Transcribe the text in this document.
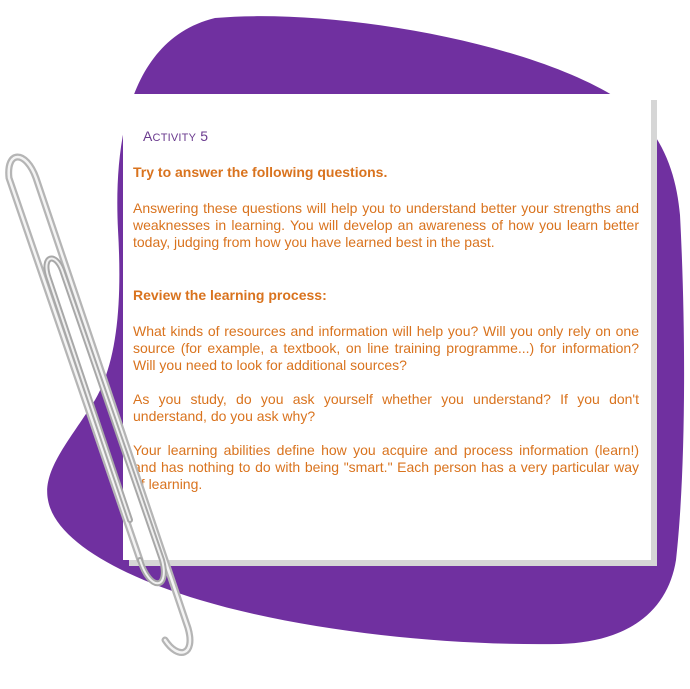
ACTIVITY 5

Try to answer the following questions.

Answering these questions will help you to understand better your strengths and weaknesses in learning. You will develop an awareness of how you learn better today, judging from how you have learned best in the past.

Review the learning process:

What kinds of resources and information will help you? Will you only rely on one source (for example, a textbook, on line training programme...) for information? Will you need to look for additional sources?

As you study, do you ask yourself whether you understand? If you don't understand, do you ask why?

Your learning abilities define how you acquire and process information (learn!) and has nothing to do with being "smart." Each person has a very particular way of learning.
